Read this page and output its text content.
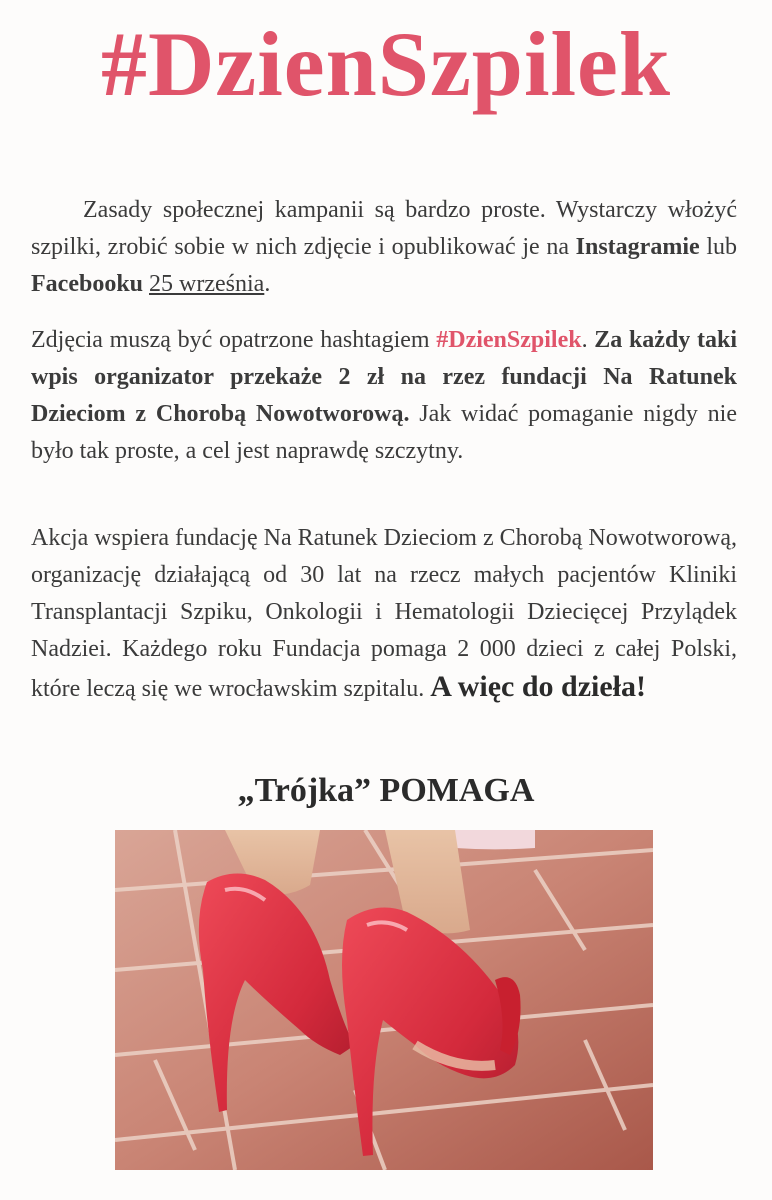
#DzienSzpilek

Zasady społecznej kampanii są bardzo proste. Wystarczy włożyć szpilki, zrobić sobie w nich zdjęcie i opublikować je na Instagramie lub Facebooku 25 września.

Zdjęcia muszą być opatrzone hashtagiem #DzienSzpilek. Za każdy taki wpis organizator przekaże 2 zł na rzez fundacji Na Ratunek Dzieciom z Chorobą Nowotworową. Jak widać pomaganie nigdy nie było tak proste, a cel jest naprawdę szczytny.

Akcja wspiera fundację Na Ratunek Dzieciom z Chorobą Nowotworową, organizację działającą od 30 lat na rzecz małych pacjentów Kliniki Transplantacji Szpiku, Onkologii i Hematologii Dziecięcej Przylądek Nadziei. Każdego roku Fundacja pomaga 2 000 dzieci z całej Polski, które leczą się we wrocławskim szpitalu. A więc do dzieła!

„Trójka” POMAGA
